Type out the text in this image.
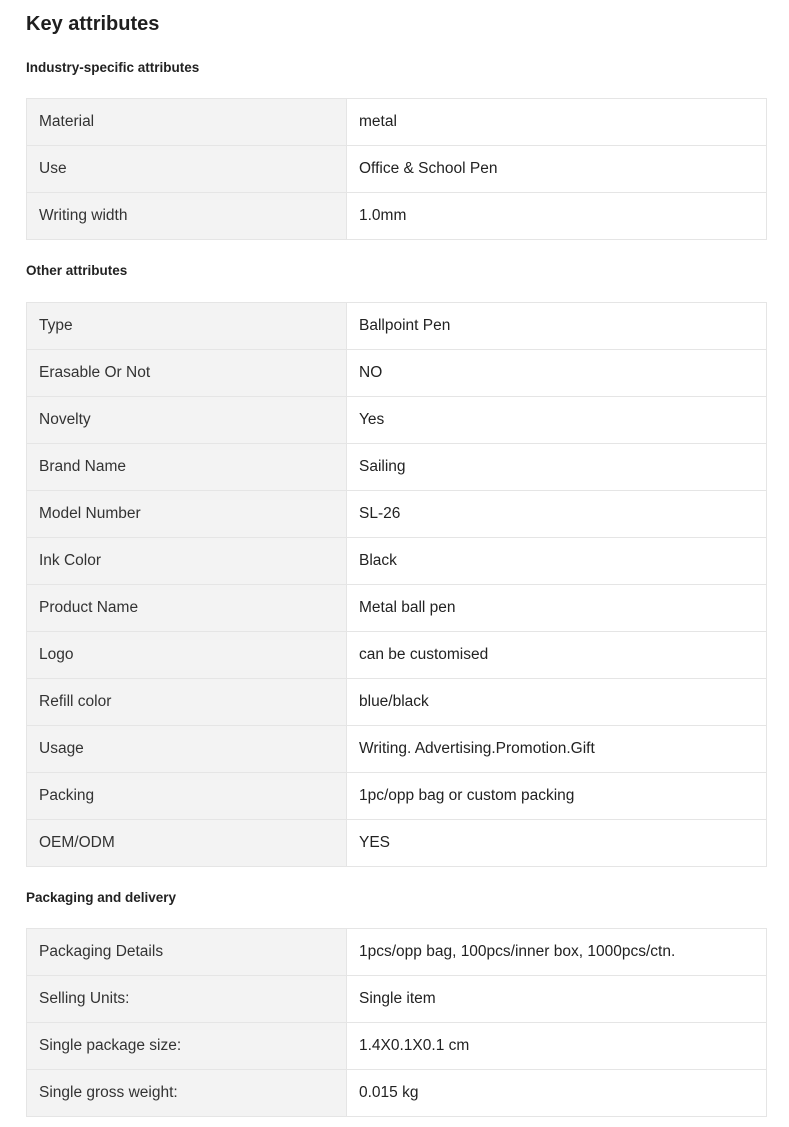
Key attributes
Industry-specific attributes
Material	metal
Use	Office & School Pen
Writing width	1.0mm
Other attributes
Type	Ballpoint Pen
Erasable Or Not	NO
Novelty	Yes
Brand Name	Sailing
Model Number	SL-26
Ink Color	Black
Product Name	Metal ball pen
Logo	can be customised
Refill color	blue/black
Usage	Writing. Advertising.Promotion.Gift
Packing	1pc/opp bag or custom packing
OEM/ODM	YES
Packaging and delivery
Packaging Details	1pcs/opp bag, 100pcs/inner box, 1000pcs/ctn.
Selling Units:	Single item
Single package size:	1.4X0.1X0.1 cm
Single gross weight:	0.015 kg
